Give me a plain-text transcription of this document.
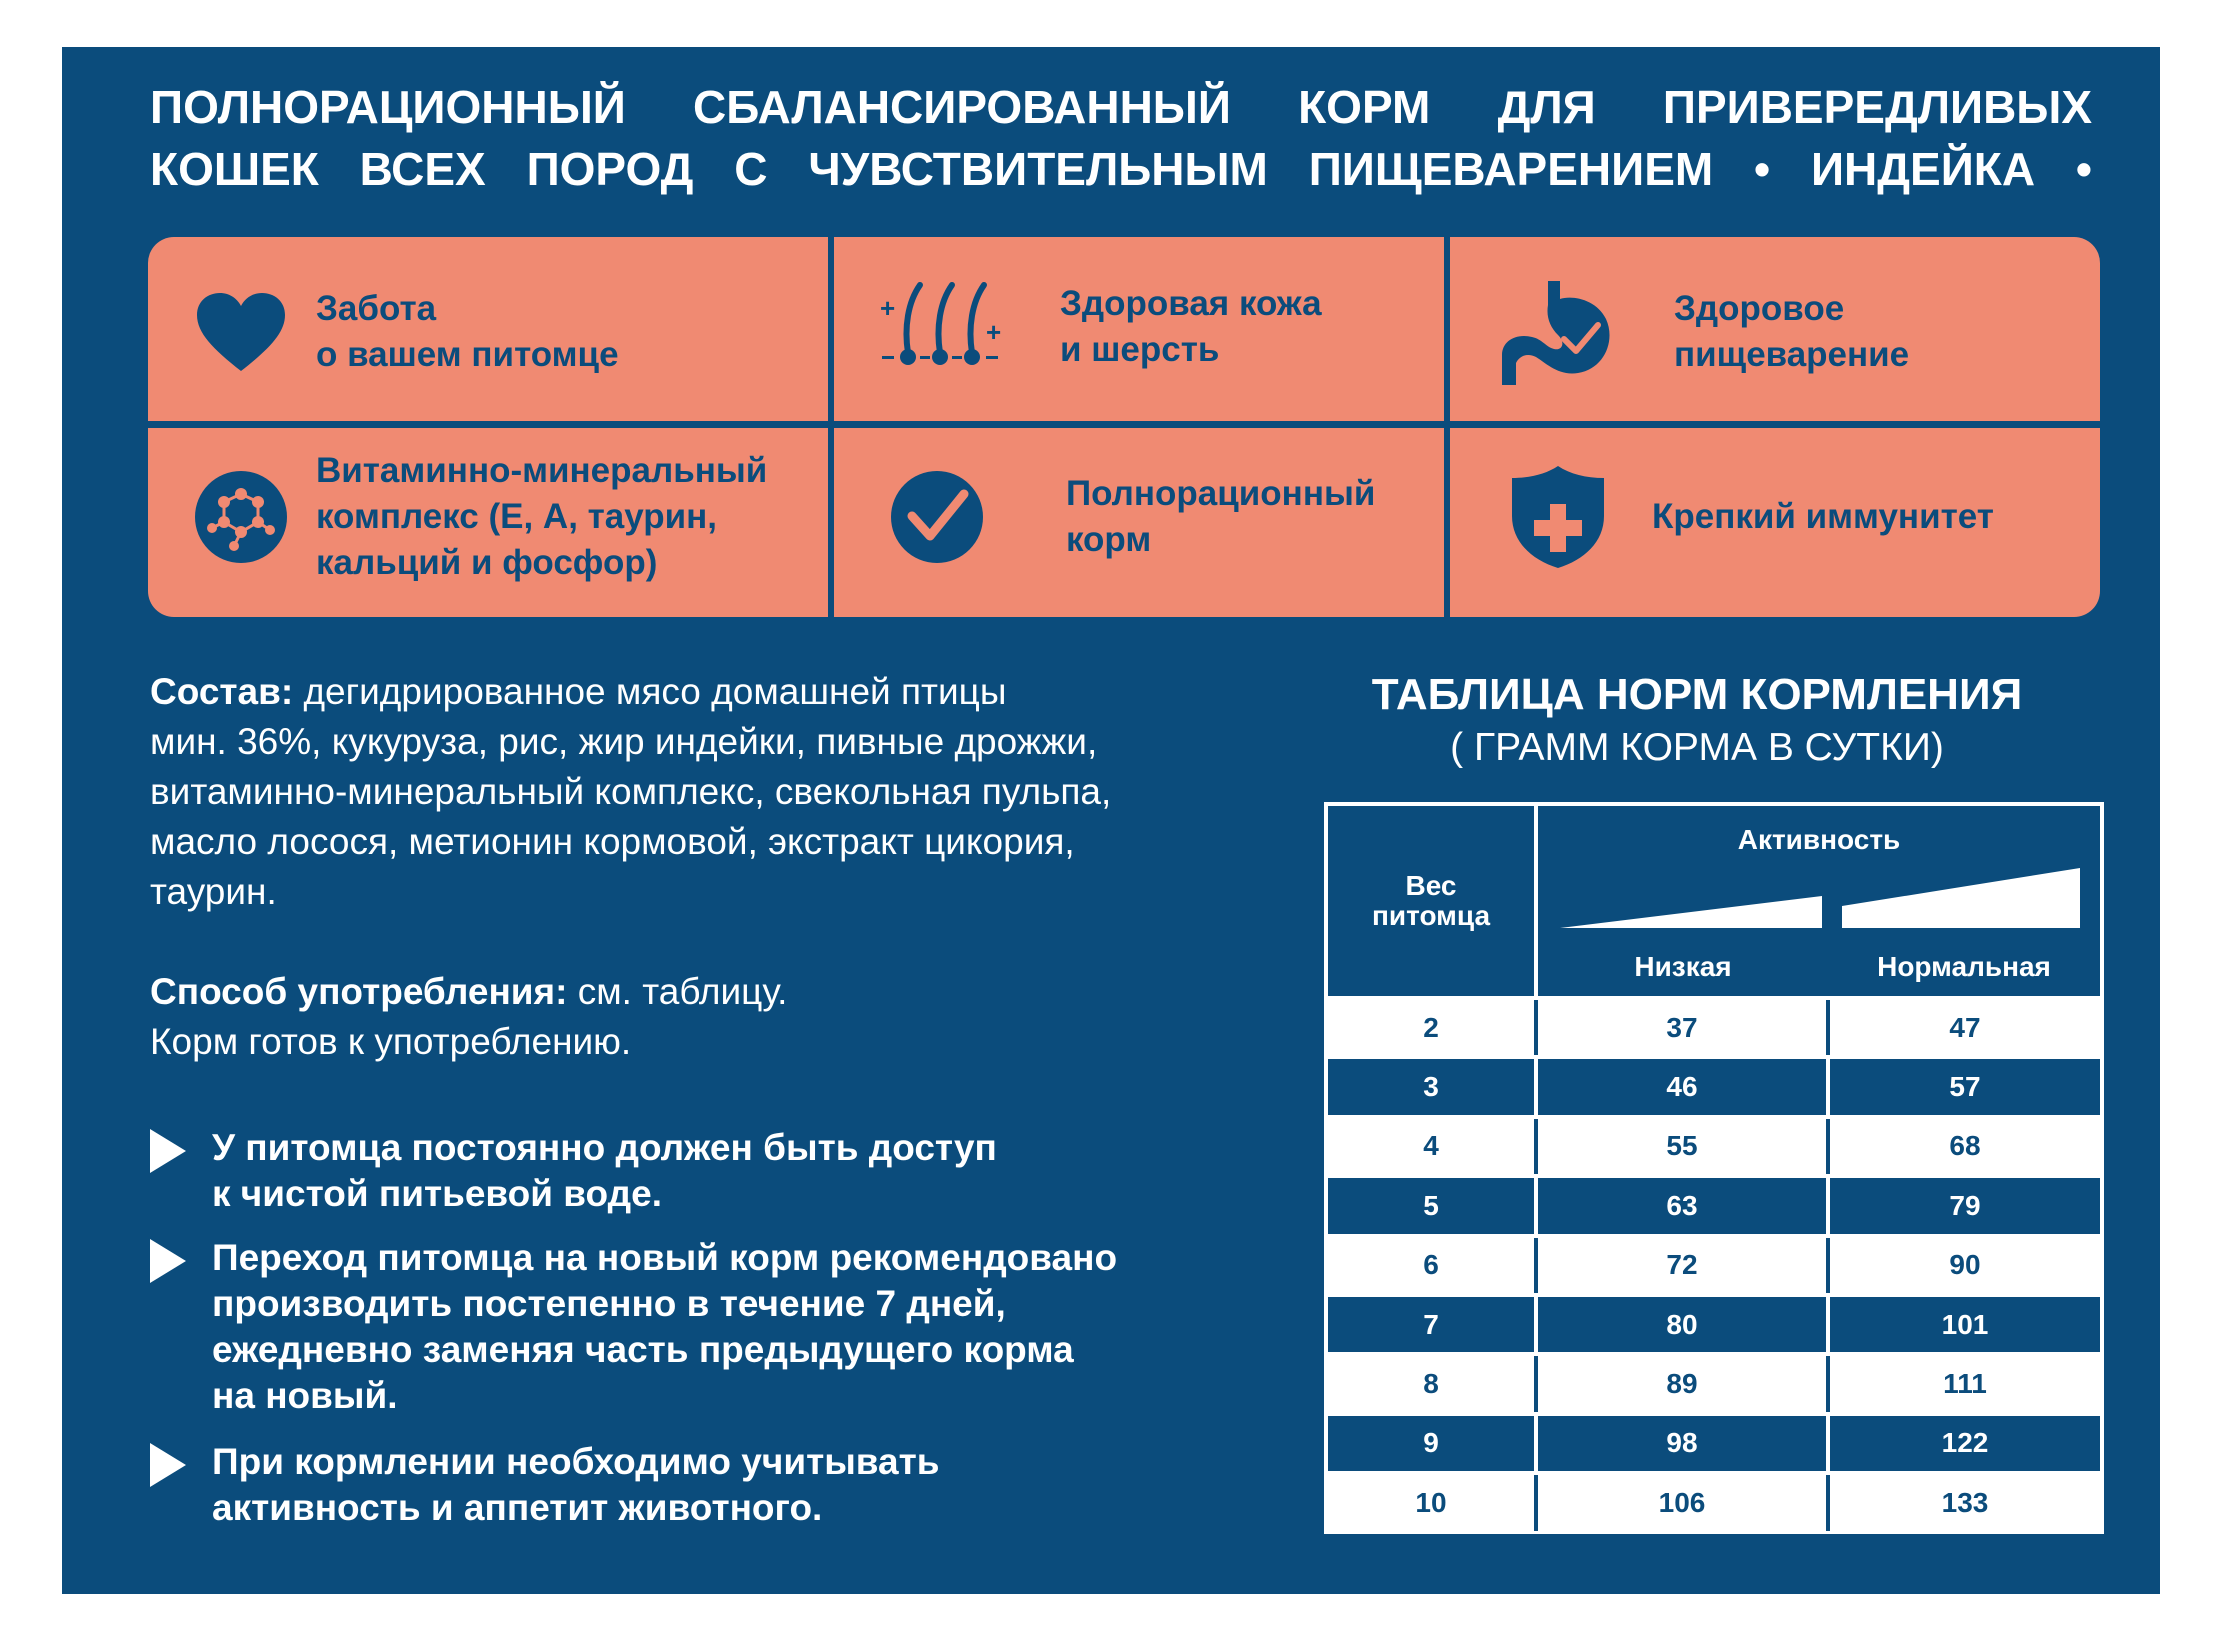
ПОЛНОРАЦИОННЫЙ СБАЛАНСИРОВАННЫЙ КОРМ ДЛЯ ПРИВЕРЕДЛИВЫХ
КОШЕК ВСЕХ ПОРОД С ЧУВСТВИТЕЛЬНЫМ ПИЩЕВАРЕНИЕМ • ИНДЕЙКА •
Забота
о вашем питомце
+
+
Здоровая кожа
и шерсть
Здоровое
пищеварение
Витаминно-минеральный
комплекс (Е, А, таурин,
кальций и фосфор)
Полнорационный
корм
Крепкий иммунитет
Состав: дегидрированное мясо домашней птицы
мин. 36%, кукуруза, рис, жир индейки, пивные дрожжи,
витаминно-минеральный комплекс, свекольная пульпа,
масло лосося, метионин кормовой, экстракт цикория,
таурин.
Способ употребления: см. таблицу.
Корм готов к употреблению.
У питомца постоянно должен быть доступ
к чистой питьевой воде.
Переход питомца на новый корм рекомендовано
производить постепенно в течение 7 дней,
ежедневно заменяя часть предыдущего корма
на новый.
При кормлении необходимо учитывать
активность и аппетит животного.
ТАБЛИЦА НОРМ КОРМЛЕНИЯ
( ГРАММ КОРМА В СУТКИ)
Вес
питомца
Активность
Низкая	Нормальная
2	37	47
3	46	57
4	55	68
5	63	79
6	72	90
7	80	101
8	89	111
9	98	122
10	106	133
